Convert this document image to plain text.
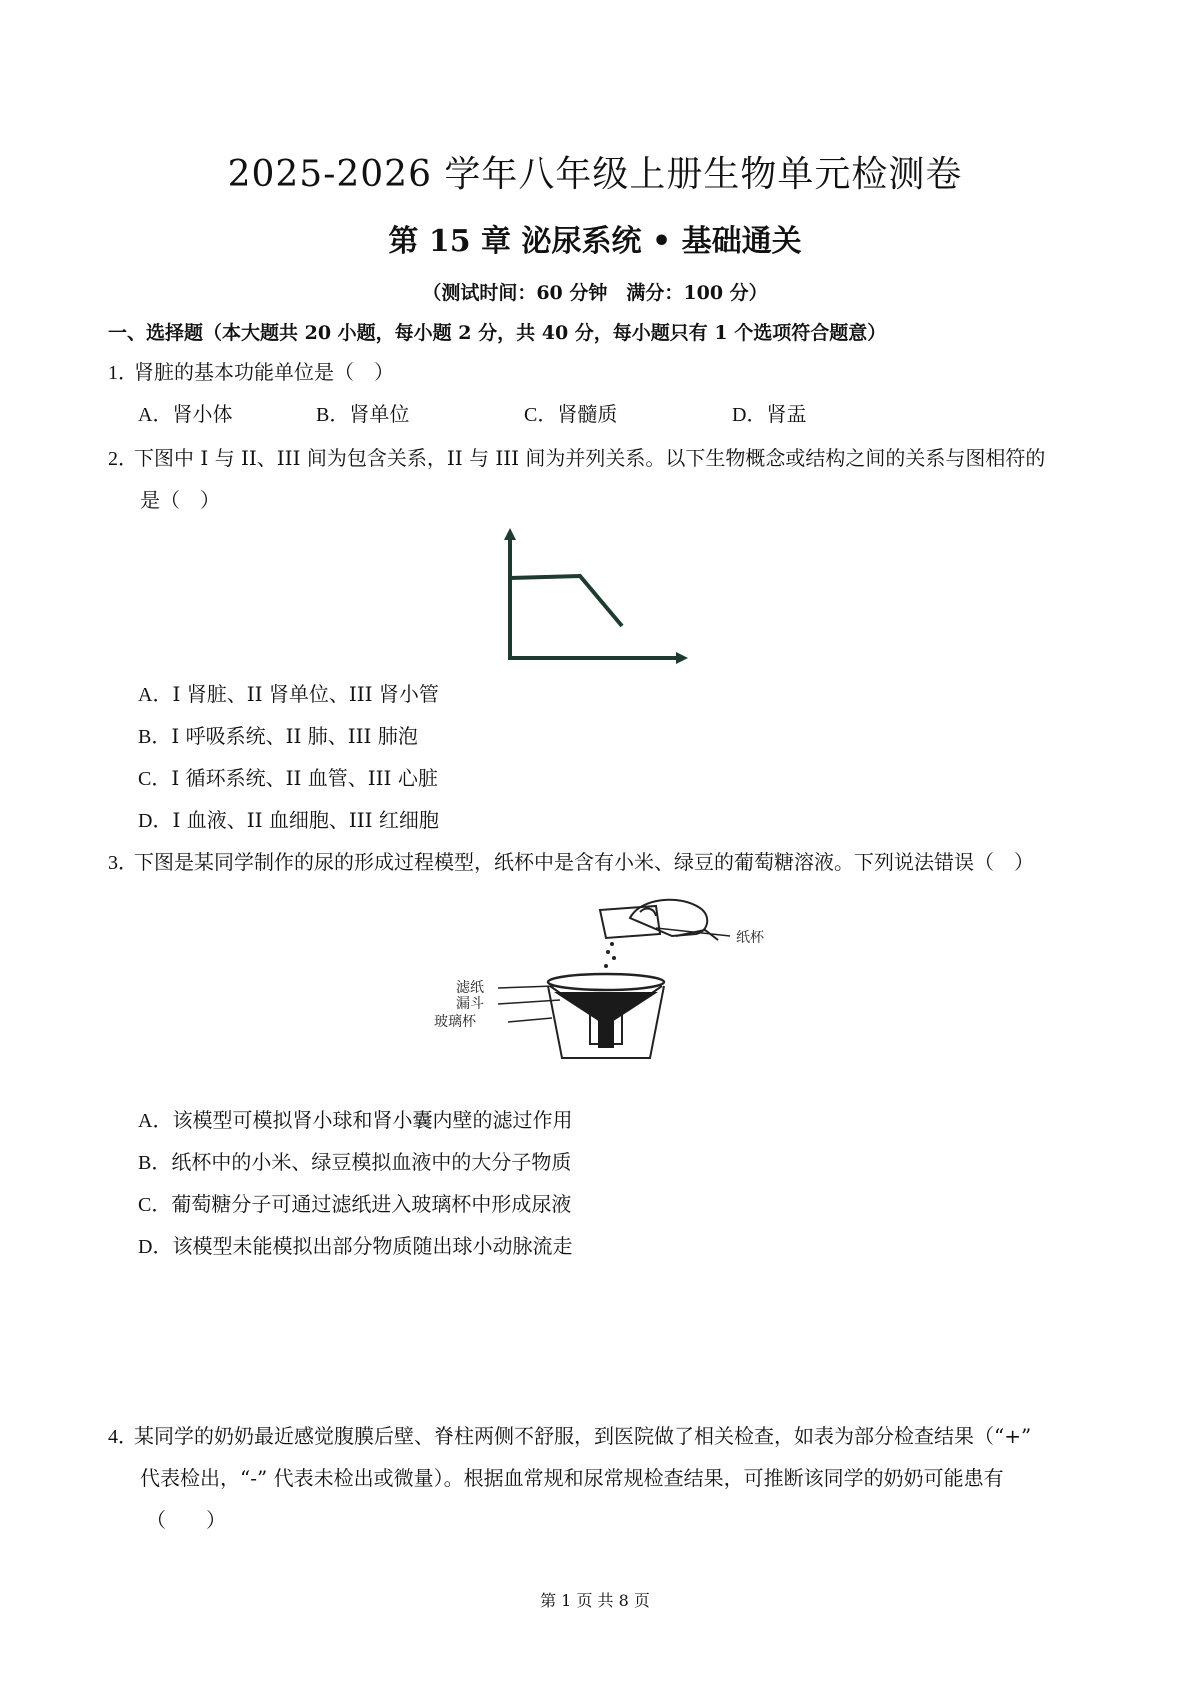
2025-2026 学年八年级上册生物单元检测卷
第 15 章 泌尿系统 • 基础通关
（测试时间：60 分钟　满分：100 分）
一、选择题（本大题共 20 小题，每小题 2 分，共 40 分，每小题只有 1 个选项符合题意）
1．肾脏的基本功能单位是（　）
A．肾小体	B．肾单位	C．肾髓质	D．肾盂
2．下图中 I 与 II、III 间为包含关系，II 与 III 间为并列关系。以下生物概念或结构之间的关系与图相符的
是（　）
A．I 肾脏、II 肾单位、III 肾小管
B．I 呼吸系统、II 肺、III 肺泡
C．I 循环系统、II 血管、III 心脏
D．I 血液、II 血细胞、III 红细胞
3．下图是某同学制作的尿的形成过程模型，纸杯中是含有小米、绿豆的葡萄糖溶液。下列说法错误（　）
纸杯
滤纸
漏斗
玻璃杯
A．该模型可模拟肾小球和肾小囊内壁的滤过作用
B．纸杯中的小米、绿豆模拟血液中的大分子物质
C．葡萄糖分子可通过滤纸进入玻璃杯中形成尿液
D．该模型未能模拟出部分物质随出球小动脉流走
4．某同学的奶奶最近感觉腹膜后壁、脊柱两侧不舒服，到医院做了相关检查，如表为部分检查结果（“+”
代表检出，“-” 代表未检出或微量）。根据血常规和尿常规检查结果，可推断该同学的奶奶可能患有
（　　）
第 1 页 共 8 页
